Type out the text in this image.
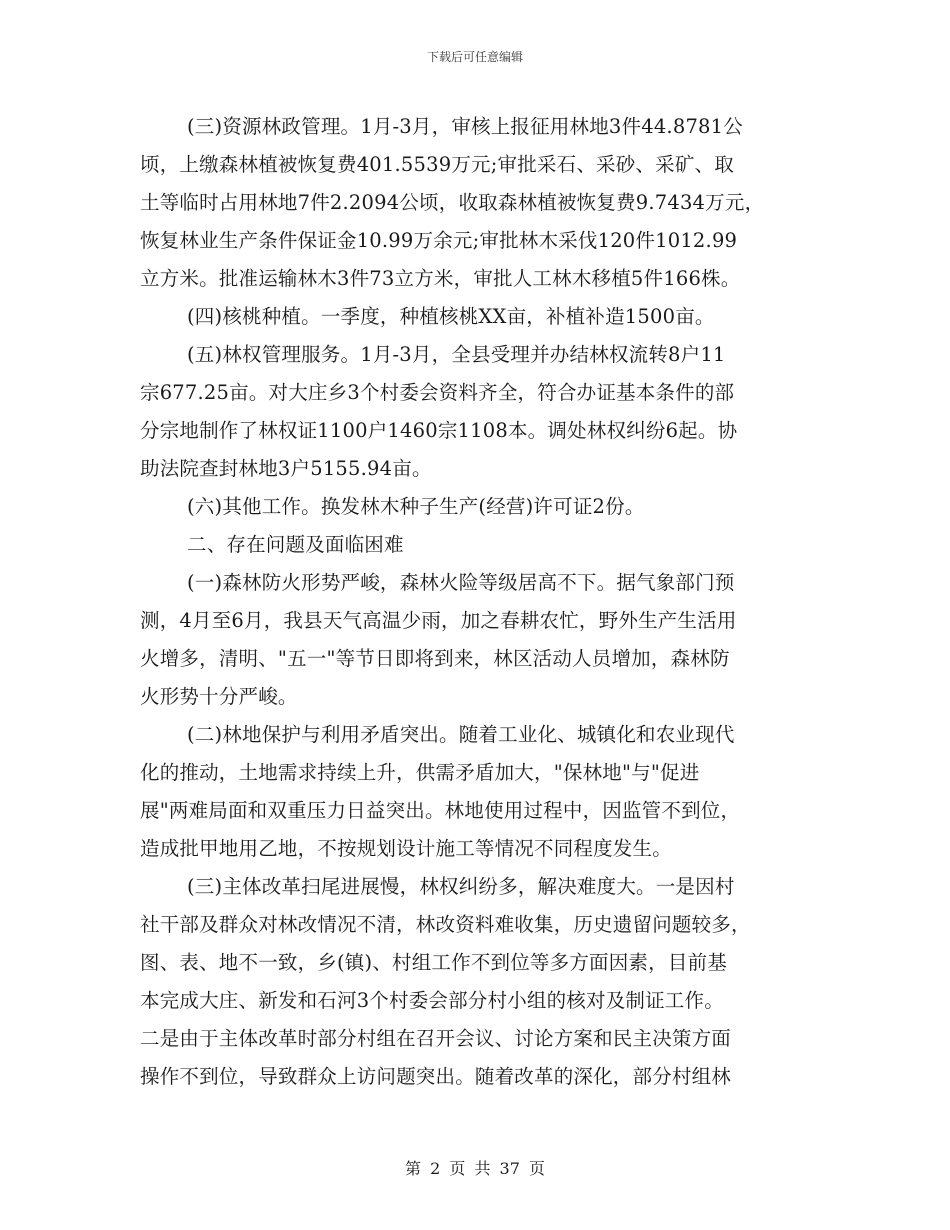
下载后可任意编辑
(三)资源林政管理。1月-3月，审核上报征用林地3件44.8781公
顷，上缴森林植被恢复费401.5539万元;审批采石、采砂、采矿、取
土等临时占用林地7件2.2094公顷，收取森林植被恢复费9.7434万元，
恢复林业生产条件保证金10.99万余元;审批林木采伐120件1012.99
立方米。批准运输林木3件73立方米，审批人工林木移植5件166株。
(四)核桃种植。一季度，种植核桃XX亩，补植补造1500亩。
(五)林权管理服务。1月-3月，全县受理并办结林权流转8户11
宗677.25亩。对大庄乡3个村委会资料齐全，符合办证基本条件的部
分宗地制作了林权证1100户1460宗1108本。调处林权纠纷6起。协
助法院查封林地3户5155.94亩。
(六)其他工作。换发林木种子生产(经营)许可证2份。
二、存在问题及面临困难
(一)森林防火形势严峻，森林火险等级居高不下。据气象部门预
测，4月至6月，我县天气高温少雨，加之春耕农忙，野外生产生活用
火增多，清明、"五一"等节日即将到来，林区活动人员增加，森林防
火形势十分严峻。
(二)林地保护与利用矛盾突出。随着工业化、城镇化和农业现代
化的推动，土地需求持续上升，供需矛盾加大，"保林地"与"促进
展"两难局面和双重压力日益突出。林地使用过程中，因监管不到位，
造成批甲地用乙地，不按规划设计施工等情况不同程度发生。
(三)主体改革扫尾进展慢，林权纠纷多，解决难度大。一是因村
社干部及群众对林改情况不清，林改资料难收集，历史遗留问题较多，
图、表、地不一致，乡(镇)、村组工作不到位等多方面因素，目前基
本完成大庄、新发和石河3个村委会部分村小组的核对及制证工作。
二是由于主体改革时部分村组在召开会议、讨论方案和民主决策方面
操作不到位，导致群众上访问题突出。随着改革的深化，部分村组林
第 2 页 共 37 页
